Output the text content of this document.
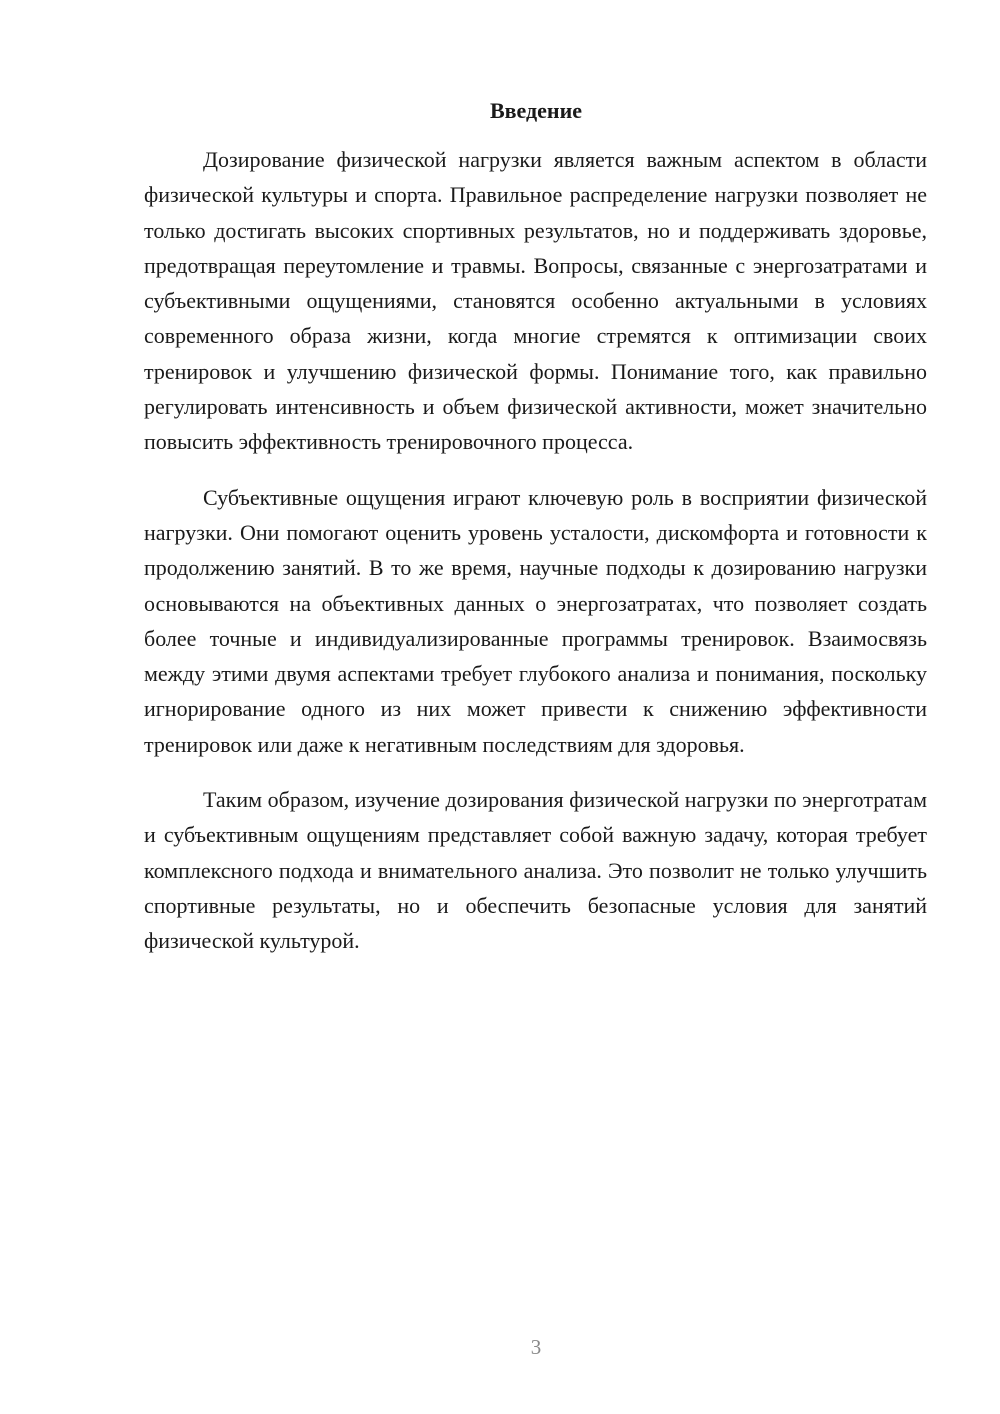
Введение

Дозирование физической нагрузки является важным аспектом в области физической культуры и спорта. Правильное распределение нагрузки позволяет не только достигать высоких спортивных результатов, но и поддерживать здоровье, предотвращая переутомление и травмы. Вопросы, связанные с энергозатратами и субъективными ощущениями, становятся особенно актуальными в условиях современного образа жизни, когда многие стремятся к оптимизации своих тренировок и улучшению физической формы. Понимание того, как правильно регулировать интенсивность и объем физической активности, может значительно повысить эффективность тренировочного процесса.

Субъективные ощущения играют ключевую роль в восприятии физической нагрузки. Они помогают оценить уровень усталости, дискомфорта и готовности к продолжению занятий. В то же время, научные подходы к дозированию нагрузки основываются на объективных данных о энергозатратах, что позволяет создать более точные и индивидуализированные программы тренировок. Взаимосвязь между этими двумя аспектами требует глубокого анализа и понимания, поскольку игнорирование одного из них может привести к снижению эффективности тренировок или даже к негативным последствиям для здоровья.

Таким образом, изучение дозирования физической нагрузки по энерготратам и субъективным ощущениям представляет собой важную задачу, которая требует комплексного подхода и внимательного анализа. Это позволит не только улучшить спортивные результаты, но и обеспечить безопасные условия для занятий физической культурой.

3
